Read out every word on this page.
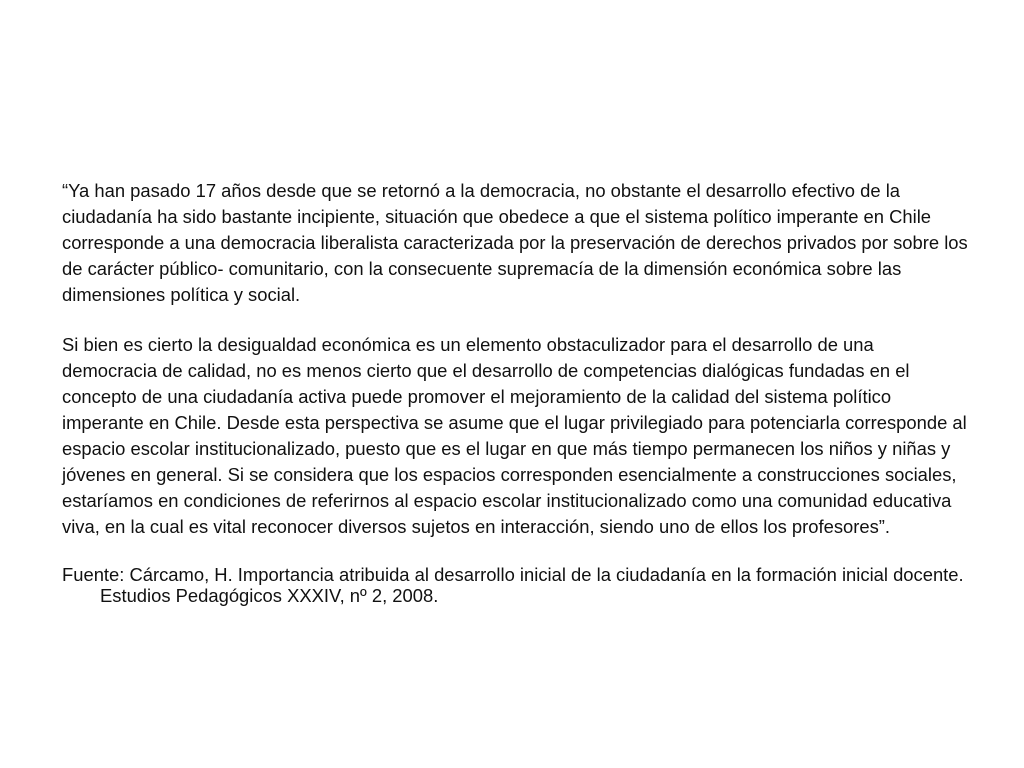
“Ya han pasado 17 años desde que se retornó a la democracia, no obstante el desarrollo efectivo de la ciudadanía ha sido bastante incipiente, situación que obedece a que el sistema político imperante en Chile corresponde a una democracia liberalista caracterizada por la preservación de derechos privados por sobre los de carácter público- comunitario, con la consecuente supremacía de la dimensión económica sobre las dimensiones política y social.

Si bien es cierto la desigualdad económica es un elemento obstaculizador para el desarrollo de una democracia de calidad, no es menos cierto que el desarrollo de competencias dialógicas fundadas en el concepto de una ciudadanía activa puede promover el mejoramiento de la calidad del sistema político imperante en Chile. Desde esta perspectiva se asume que el lugar privilegiado para potenciarla corresponde al espacio escolar institucionalizado, puesto que es el lugar en que más tiempo permanecen los niños y niñas y jóvenes en general. Si se considera que los espacios corresponden esencialmente a construcciones sociales, estaríamos en condiciones de referirnos al espacio escolar institucionalizado como una comunidad educativa viva, en la cual es vital reconocer diversos sujetos en interacción, siendo uno de ellos los profesores”.

Fuente: Cárcamo, H. Importancia atribuida al desarrollo inicial de la ciudadanía en la formación inicial docente. Estudios Pedagógicos XXXIV, nº 2, 2008.
